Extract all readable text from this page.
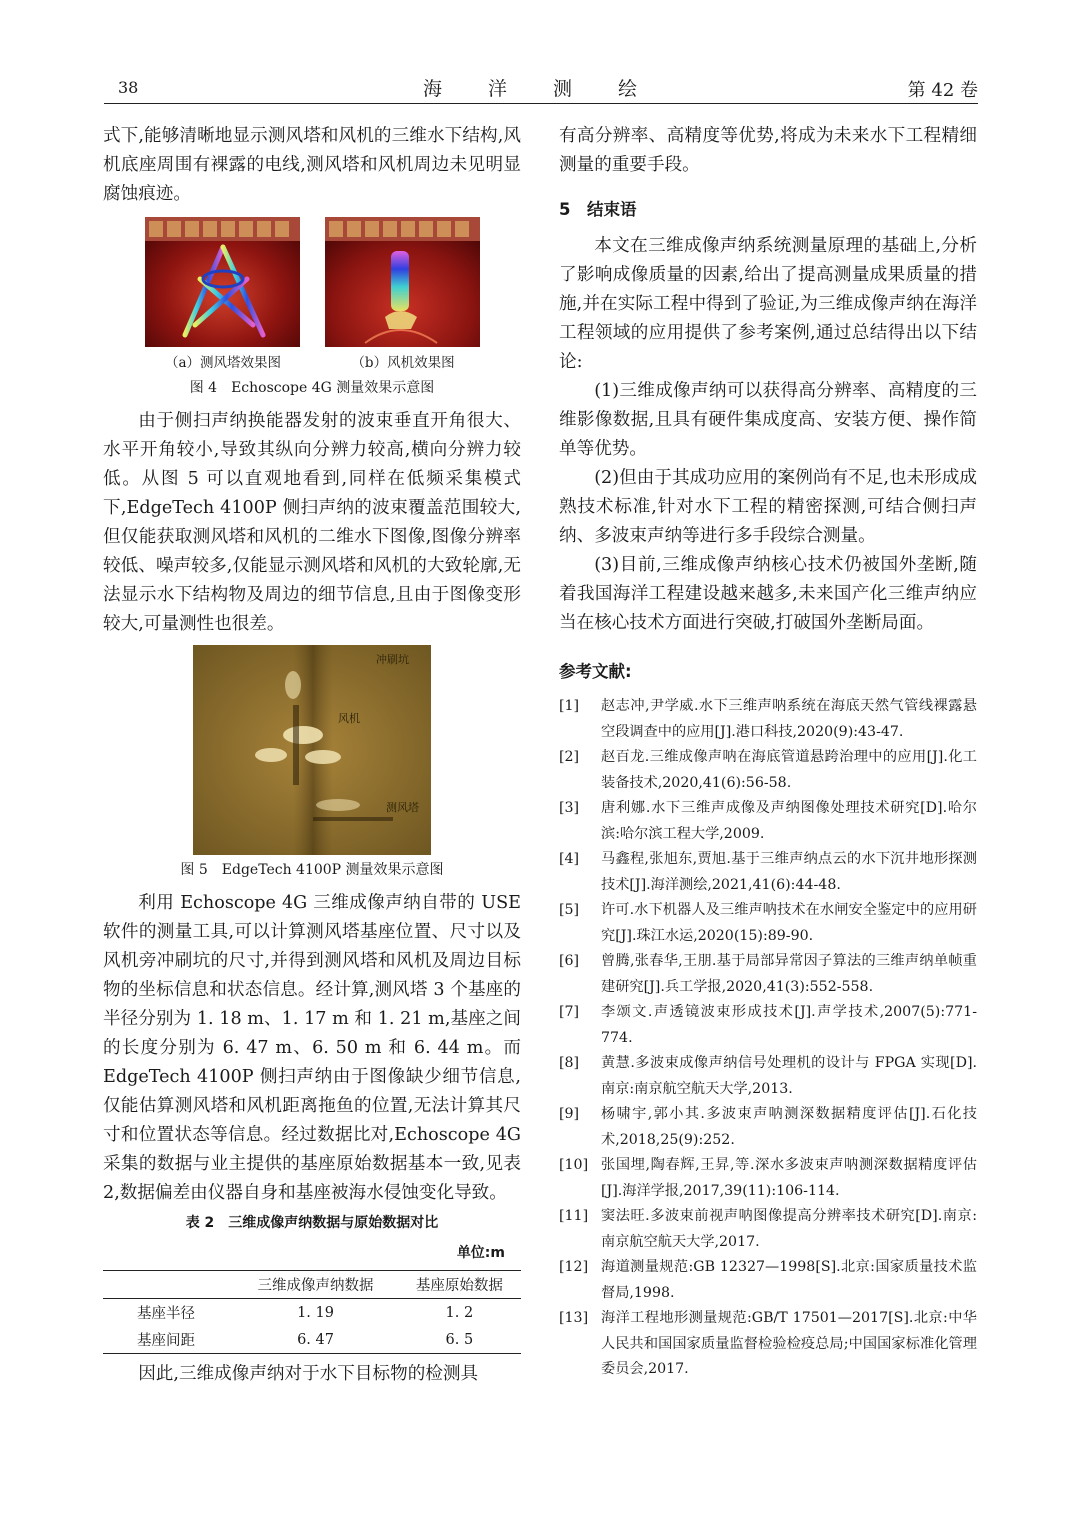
38	海 洋 测 绘	第 42 卷

式下,能够清晰地显示测风塔和风机的三维水下结构,风机底座周围有裸露的电线,测风塔和风机周边未见明显腐蚀痕迹。

（a）测风塔效果图	（b）风机效果图
图 4　Echoscope 4G 测量效果示意图

由于侧扫声纳换能器发射的波束垂直开角很大、水平开角较小,导致其纵向分辨力较高,横向分辨力较低。从图 5 可以直观地看到,同样在低频采集模式下,EdgeTech 4100P 侧扫声纳的波束覆盖范围较大,但仅能获取测风塔和风机的二维水下图像,图像分辨率较低、噪声较多,仅能显示测风塔和风机的大致轮廓,无法显示水下结构物及周边的细节信息,且由于图像变形较大,可量测性也很差。

冲刷坑
风机
测风塔
图 5　EdgeTech 4100P 测量效果示意图

利用 Echoscope 4G 三维成像声纳自带的 USE 软件的测量工具,可以计算测风塔基座位置、尺寸以及风机旁冲刷坑的尺寸,并得到测风塔和风机及周边目标物的坐标信息和状态信息。经计算,测风塔 3 个基座的半径分别为 1. 18 m、1. 17 m 和 1. 21 m,基座之间的长度分别为 6. 47 m、6. 50 m 和 6. 44 m。而 EdgeTech 4100P 侧扫声纳由于图像缺少细节信息,仅能估算测风塔和风机距离拖鱼的位置,无法计算其尺寸和位置状态等信息。经过数据比对,Echoscope 4G 采集的数据与业主提供的基座原始数据基本一致,见表 2,数据偏差由仪器自身和基座被海水侵蚀变化导致。

表 2　三维成像声纳数据与原始数据对比
单位:m
	三维成像声纳数据	基座原始数据
基座半径	1. 19	1. 2
基座间距	6. 47	6. 5

因此,三维成像声纳对于水下目标物的检测具

有高分辨率、高精度等优势,将成为未来水下工程精细测量的重要手段。

5　结束语

本文在三维成像声纳系统测量原理的基础上,分析了影响成像质量的因素,给出了提高测量成果质量的措施,并在实际工程中得到了验证,为三维成像声纳在海洋工程领域的应用提供了参考案例,通过总结得出以下结论:

(1)三维成像声纳可以获得高分辨率、高精度的三维影像数据,且具有硬件集成度高、安装方便、操作简单等优势。

(2)但由于其成功应用的案例尚有不足,也未形成成熟技术标准,针对水下工程的精密探测,可结合侧扫声纳、多波束声纳等进行多手段综合测量。

(3)目前,三维成像声纳核心技术仍被国外垄断,随着我国海洋工程建设越来越多,未来国产化三维声纳应当在核心技术方面进行突破,打破国外垄断局面。

参考文献:
[1]	赵志冲,尹学威.水下三维声呐系统在海底天然气管线裸露悬空段调查中的应用[J].港口科技,2020(9):43-47.
[2]	赵百龙.三维成像声呐在海底管道悬跨治理中的应用[J].化工装备技术,2020,41(6):56-58.
[3]	唐利娜.水下三维声成像及声纳图像处理技术研究[D].哈尔滨:哈尔滨工程大学,2009.
[4]	马鑫程,张旭东,贾旭.基于三维声纳点云的水下沉井地形探测技术[J].海洋测绘,2021,41(6):44-48.
[5]	许可.水下机器人及三维声呐技术在水闸安全鉴定中的应用研究[J].珠江水运,2020(15):89-90.
[6]	曾腾,张春华,王朋.基于局部异常因子算法的三维声纳单帧重建研究[J].兵工学报,2020,41(3):552-558.
[7]	李颂文.声透镜波束形成技术[J].声学技术,2007(5):771-774.
[8]	黄慧.多波束成像声纳信号处理机的设计与 FPGA 实现[D].南京:南京航空航天大学,2013.
[9]	杨啸宇,郭小其.多波束声呐测深数据精度评估[J].石化技术,2018,25(9):252.
[10] 张国埋,陶春辉,王昇,等.深水多波束声呐测深数据精度评估[J].海洋学报,2017,39(11):106-114.
[11] 窦法旺.多波束前视声呐图像提高分辨率技术研究[D].南京:南京航空航天大学,2017.
[12] 海道测量规范:GB 12327—1998[S].北京:国家质量技术监督局,1998.
[13] 海洋工程地形测量规范:GB/T 17501—2017[S].北京:中华人民共和国国家质量监督检验检疫总局;中国国家标准化管理委员会,2017.
